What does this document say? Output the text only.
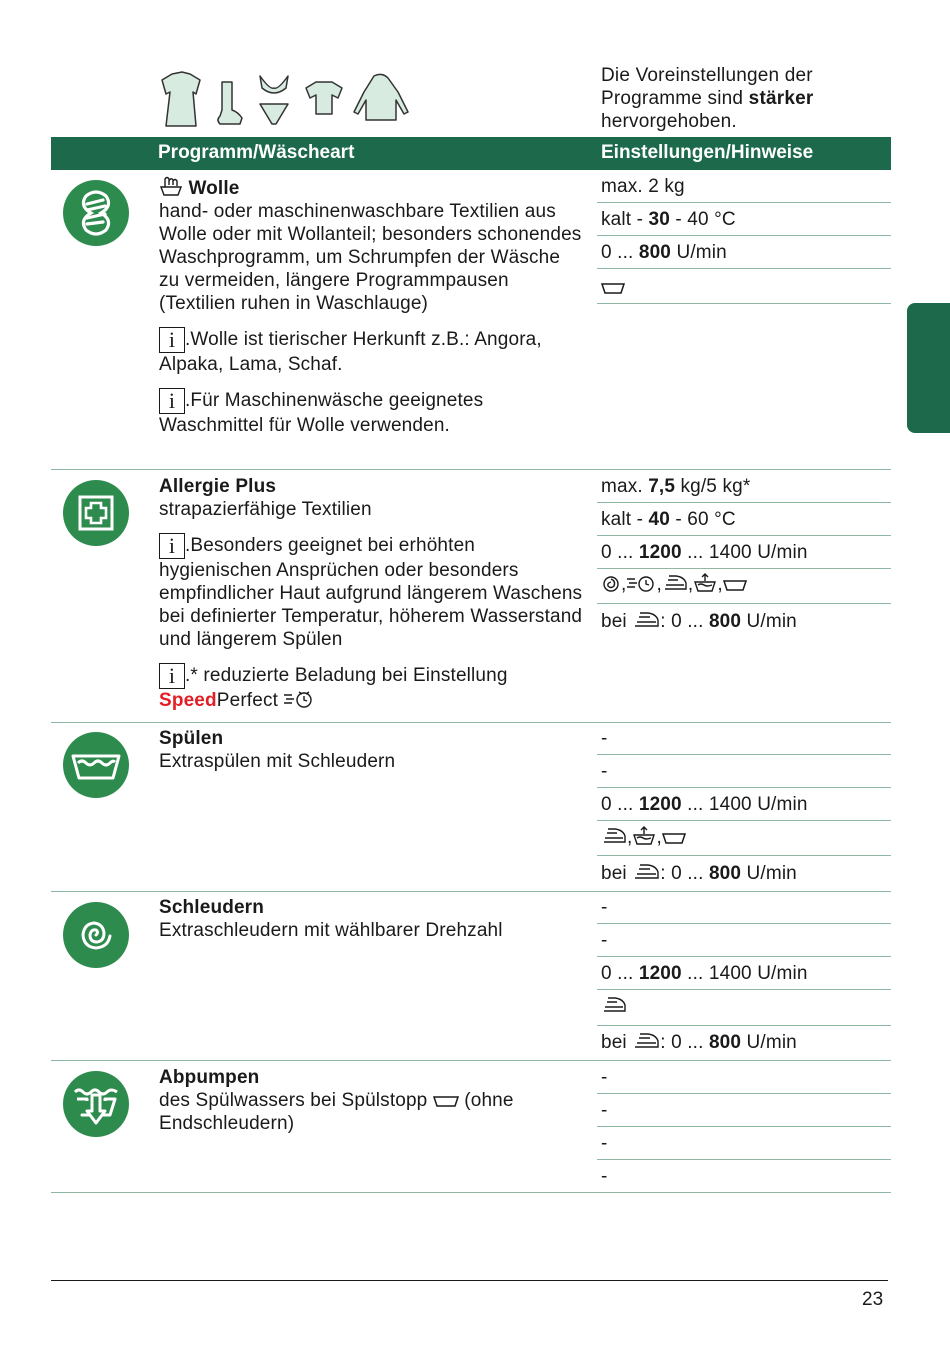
Die Voreinstellungen der
Programme sind stärker
hervorgehoben.
Programm/Wäscheart	Einstellungen/Hinweise

Wolle

hand- oder maschinenwaschbare Textilien aus Wolle oder mit Wollanteil; besonders schonendes Waschprogramm, um Schrumpfen der Wäsche zu vermeiden, längere Programmpausen (Textilien ruhen in Waschlauge)

i .Wolle ist tierischer Herkunft z.B.: Angora, Alpaka, Lama, Schaf.

i .Für Maschinenwäsche geeignetes Waschmittel für Wolle verwenden.

max. 2 kg
kalt - 30 - 40 °C
0 ... 800 U/min

Allergie Plus

strapazierfähige Textilien

i .Besonders geeignet bei erhöhten hygienischen Ansprüchen oder besonders empfindlicher Haut aufgrund längerem Waschens bei definierter Temperatur, höherem Wasserstand und längerem Spülen

i .* reduzierte Beladung bei Einstellung
SpeedPerfect

max. 7,5 kg/5 kg*
kalt - 40 - 60 °C
0 ... 1200 ... 1400 U/min
, , , ,
bei : 0 ... 800 U/min

Spülen

Extraspülen mit Schleudern

-
-
0 ... 1200 ... 1400 U/min
, ,
bei : 0 ... 800 U/min

Schleudern

Extraschleudern mit wählbarer Drehzahl

-
-
0 ... 1200 ... 1400 U/min
bei : 0 ... 800 U/min

Abpumpen

des Spülwassers bei Spülstopp  (ohne Endschleudern)

-
-
-
-
23
